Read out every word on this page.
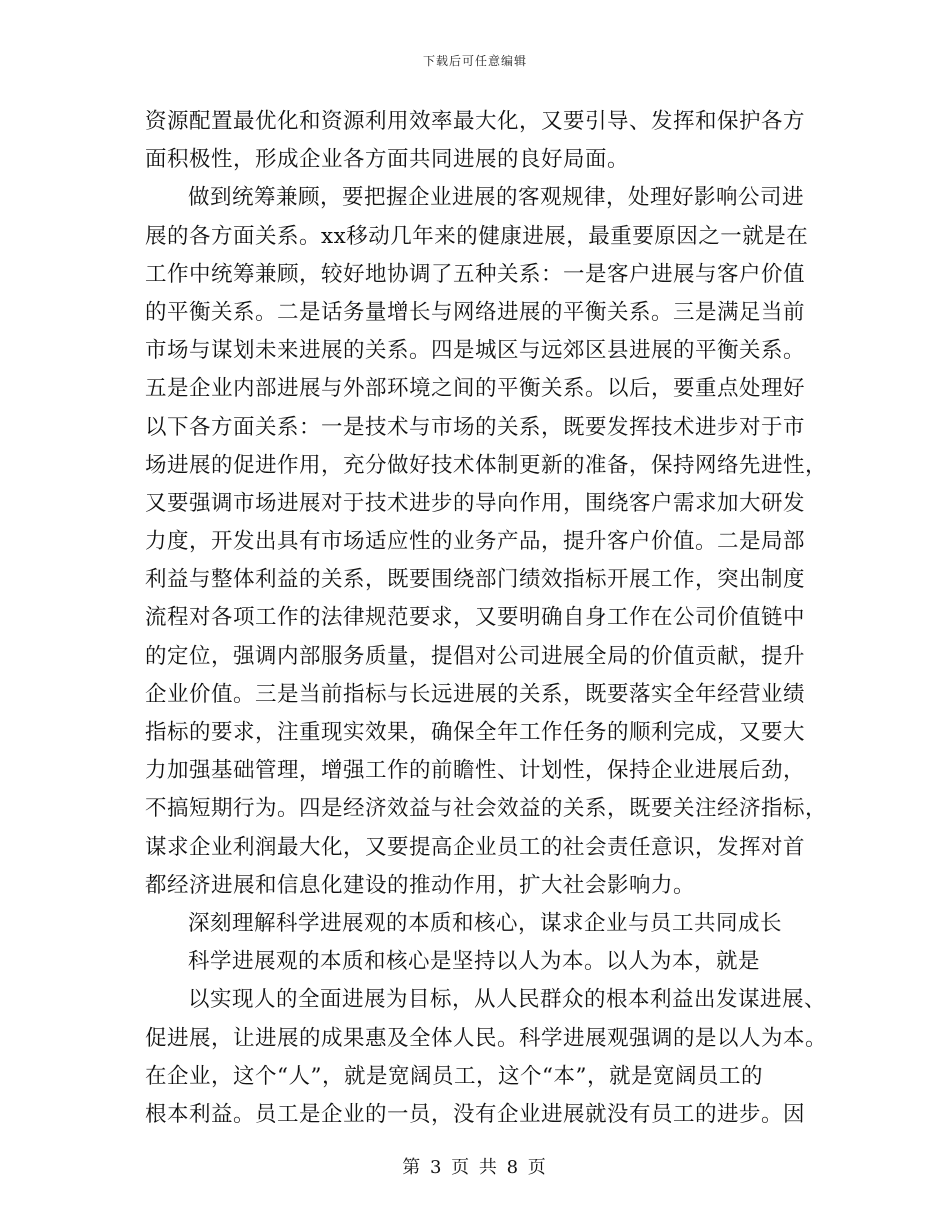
下载后可任意编辑
资源配置最优化和资源利用效率最大化，又要引导、发挥和保护各方
面积极性，形成企业各方面共同进展的良好局面。
做到统筹兼顾，要把握企业进展的客观规律，处理好影响公司进
展的各方面关系。xx移动几年来的健康进展，最重要原因之一就是在
工作中统筹兼顾，较好地协调了五种关系：一是客户进展与客户价值
的平衡关系。二是话务量增长与网络进展的平衡关系。三是满足当前
市场与谋划未来进展的关系。四是城区与远郊区县进展的平衡关系。
五是企业内部进展与外部环境之间的平衡关系。以后，要重点处理好
以下各方面关系：一是技术与市场的关系，既要发挥技术进步对于市
场进展的促进作用，充分做好技术体制更新的准备，保持网络先进性，
又要强调市场进展对于技术进步的导向作用，围绕客户需求加大研发
力度，开发出具有市场适应性的业务产品，提升客户价值。二是局部
利益与整体利益的关系，既要围绕部门绩效指标开展工作，突出制度
流程对各项工作的法律规范要求，又要明确自身工作在公司价值链中
的定位，强调内部服务质量，提倡对公司进展全局的价值贡献，提升
企业价值。三是当前指标与长远进展的关系，既要落实全年经营业绩
指标的要求，注重现实效果，确保全年工作任务的顺利完成，又要大
力加强基础管理，增强工作的前瞻性、计划性，保持企业进展后劲，
不搞短期行为。四是经济效益与社会效益的关系，既要关注经济指标，
谋求企业利润最大化，又要提高企业员工的社会责任意识，发挥对首
都经济进展和信息化建设的推动作用，扩大社会影响力。
深刻理解科学进展观的本质和核心，谋求企业与员工共同成长
科学进展观的本质和核心是坚持以人为本。以人为本，就是
以实现人的全面进展为目标，从人民群众的根本利益出发谋进展、
促进展，让进展的成果惠及全体人民。科学进展观强调的是以人为本。
在企业，这个“人”，就是宽阔员工，这个“本”，就是宽阔员工的
根本利益。员工是企业的一员，没有企业进展就没有员工的进步。因
第 3 页 共 8 页
